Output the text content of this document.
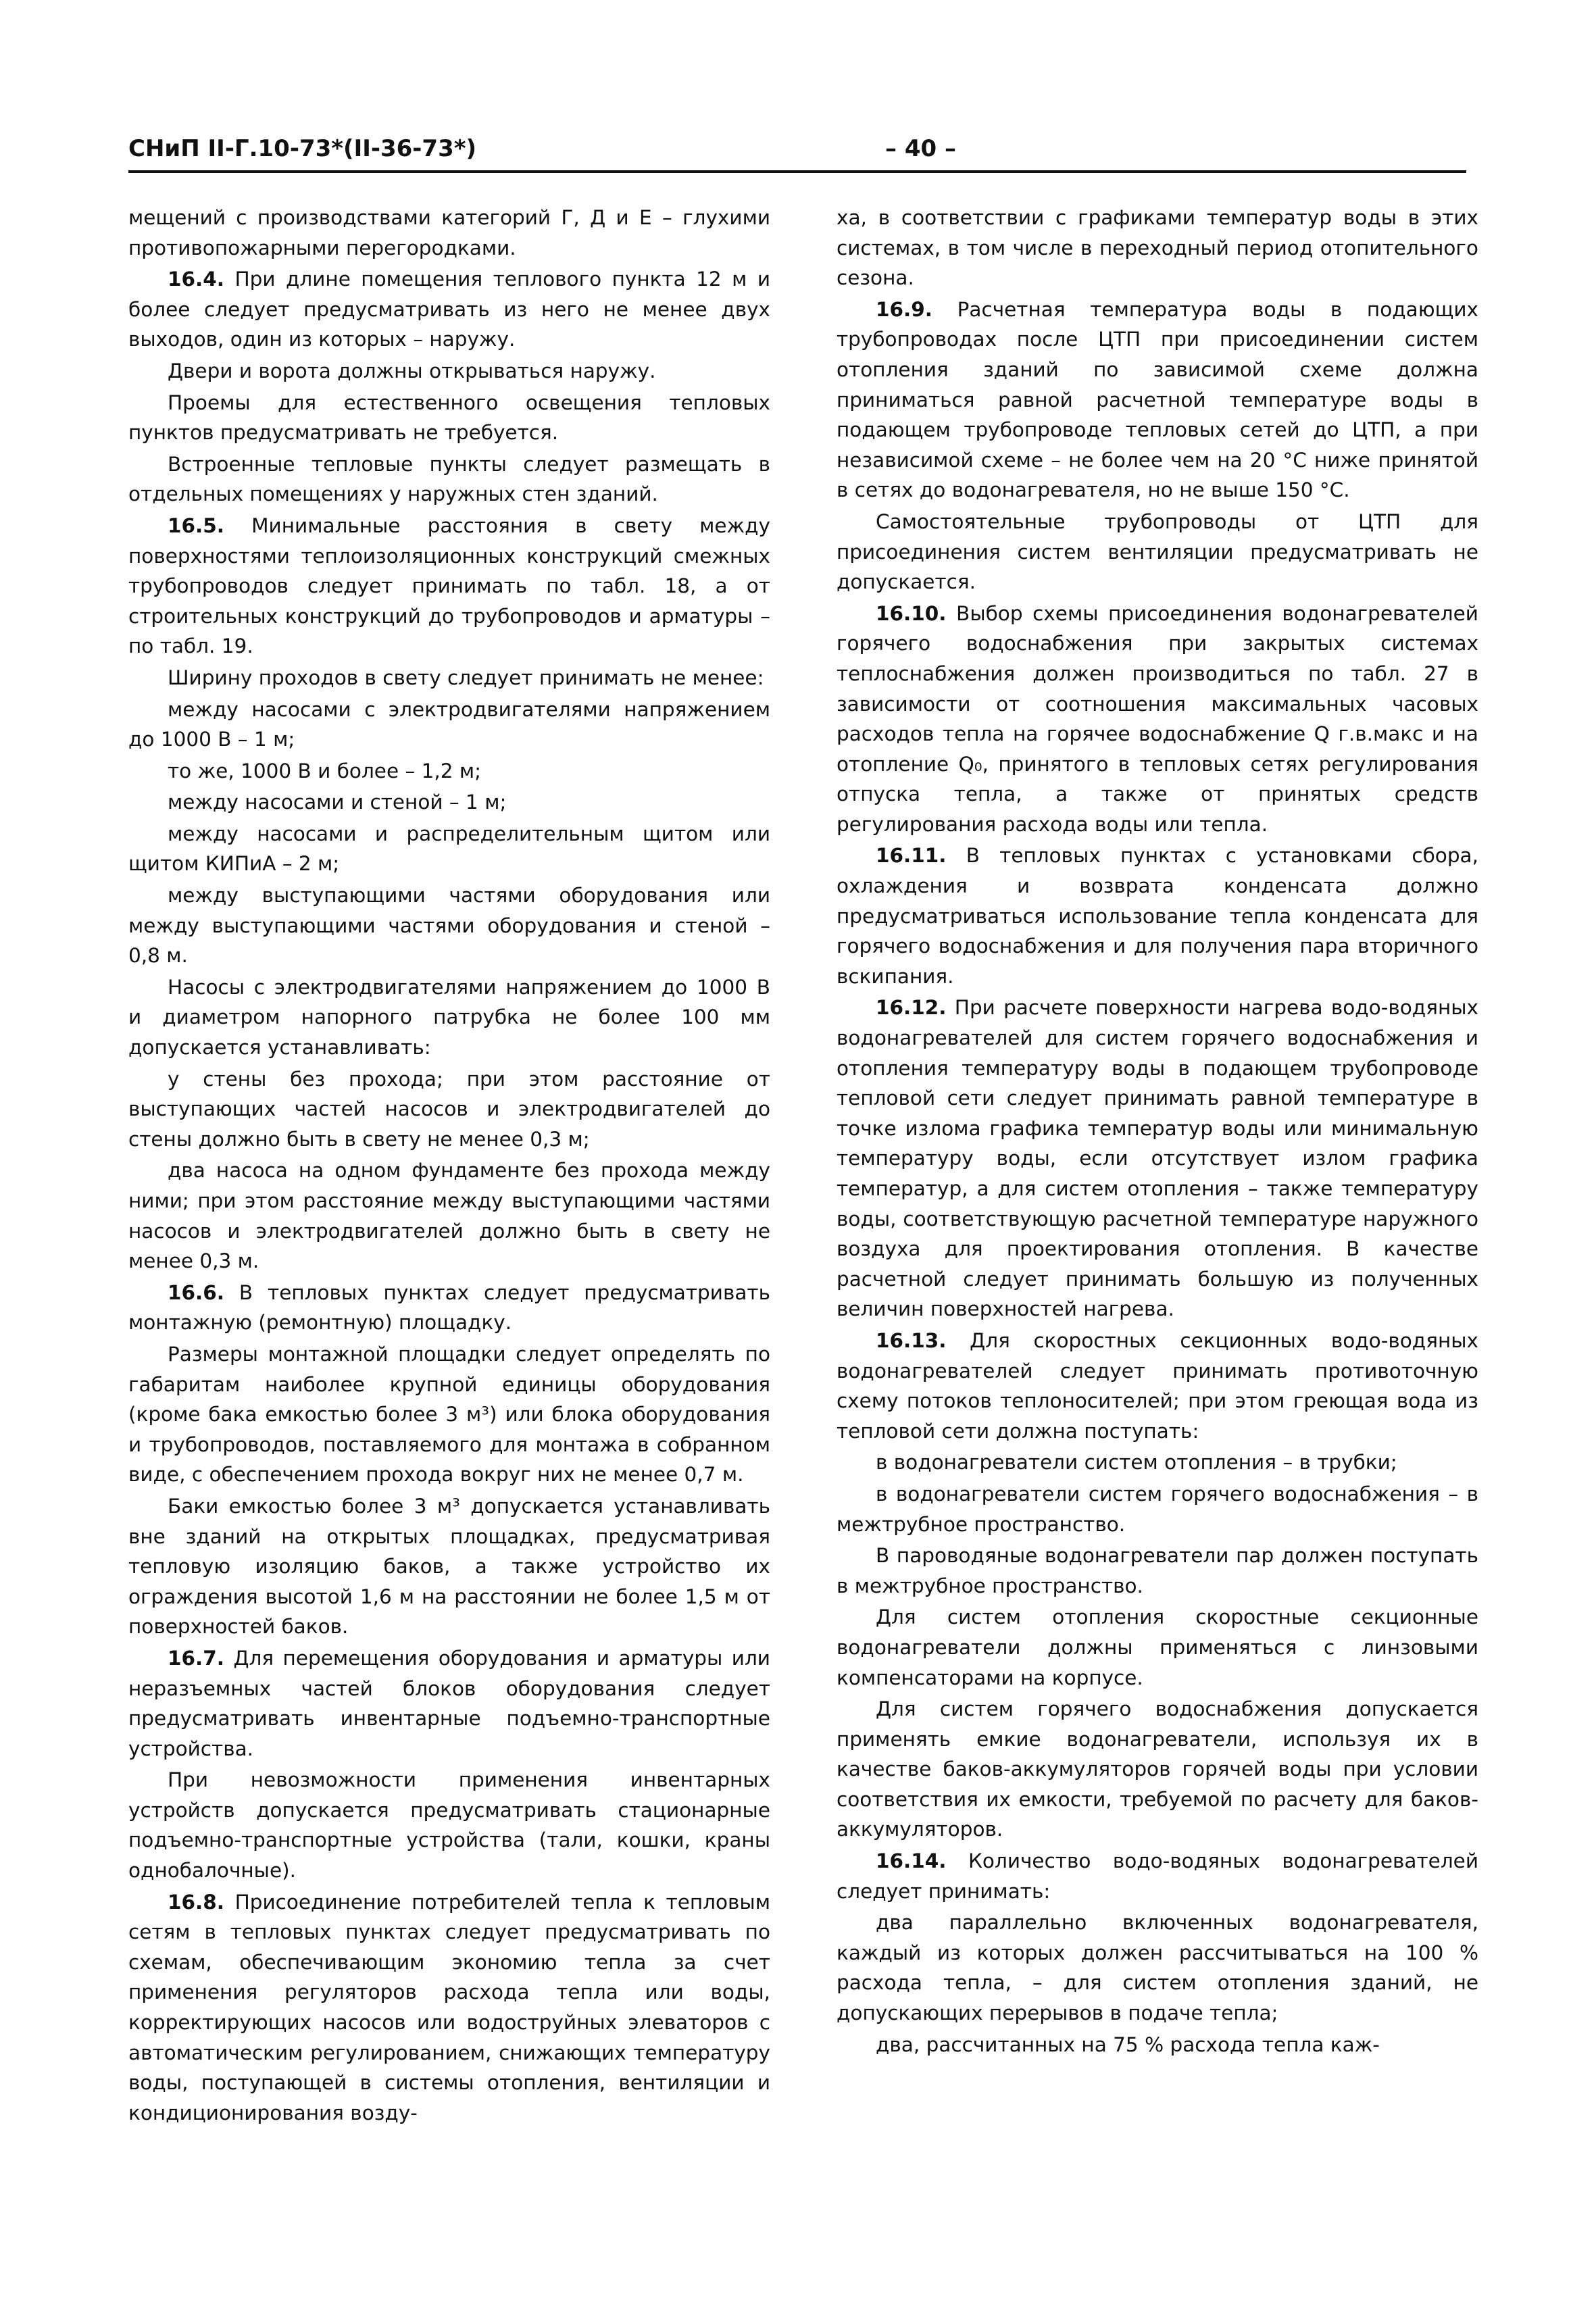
СНиП II-Г.10-73*(II-36-73*)	– 40 –

мещений с производствами категорий Г, Д и Е – глухими противопожарными перегородками.

16.4. При длине помещения теплового пункта 12 м и более следует предусматривать из него не менее двух выходов, один из которых – наружу.

Двери и ворота должны открываться наружу.

Проемы для естественного освещения тепловых пунктов предусматривать не требуется.

Встроенные тепловые пункты следует размещать в отдельных помещениях у наружных стен зданий.

16.5. Минимальные расстояния в свету между поверхностями теплоизоляционных конструкций смежных трубопроводов следует принимать по табл. 18, а от строительных конструкций до трубопроводов и арматуры – по табл. 19.

Ширину проходов в свету следует принимать не менее:

между насосами с электродвигателями напряжением до 1000 В – 1 м;

то же, 1000 В и более – 1,2 м;

между насосами и стеной – 1 м;

между насосами и распределительным щитом или щитом КИПиА – 2 м;

между выступающими частями оборудования или между выступающими частями оборудования и стеной – 0,8 м.

Насосы с электродвигателями напряжением до 1000 В и диаметром напорного патрубка не более 100 мм допускается устанавливать:

у стены без прохода; при этом расстояние от выступающих частей насосов и электродвигателей до стены должно быть в свету не менее 0,3 м;

два насоса на одном фундаменте без прохода между ними; при этом расстояние между выступающими частями насосов и электродвигателей должно быть в свету не менее 0,3 м.

16.6. В тепловых пунктах следует предусматривать монтажную (ремонтную) площадку.

Размеры монтажной площадки следует определять по габаритам наиболее крупной единицы оборудования (кроме бака емкостью более 3 м³) или блока оборудования и трубопроводов, поставляемого для монтажа в собранном виде, с обеспечением прохода вокруг них не менее 0,7 м.

Баки емкостью более 3 м³ допускается устанавливать вне зданий на открытых площадках, предусматривая тепловую изоляцию баков, а также устройство их ограждения высотой 1,6 м на расстоянии не более 1,5 м от поверхностей баков.

16.7. Для перемещения оборудования и арматуры или неразъемных частей блоков оборудования следует предусматривать инвентарные подъемно-транспортные устройства.

При невозможности применения инвентарных устройств допускается предусматривать стационарные подъемно-транспортные устройства (тали, кошки, краны однобалочные).

16.8. Присоединение потребителей тепла к тепловым сетям в тепловых пунктах следует предусматривать по схемам, обеспечивающим экономию тепла за счет применения регуляторов расхода тепла или воды, корректирующих насосов или водоструйных элеваторов с автоматическим регулированием, снижающих температуру воды, поступающей в системы отопления, вентиляции и кондиционирования возду-

ха, в соответствии с графиками температур воды в этих системах, в том числе в переходный период отопительного сезона.

16.9. Расчетная температура воды в подающих трубопроводах после ЦТП при присоединении систем отопления зданий по зависимой схеме должна приниматься равной расчетной температуре воды в подающем трубопроводе тепловых сетей до ЦТП, а при независимой схеме – не более чем на 20 °С ниже принятой в сетях до водонагревателя, но не выше 150 °С.

Самостоятельные трубопроводы от ЦТП для присоединения систем вентиляции предусматривать не допускается.

16.10. Выбор схемы присоединения водонагревателей горячего водоснабжения при закрытых системах теплоснабжения должен производиться по табл. 27 в зависимости от соотношения максимальных часовых расходов тепла на горячее водоснабжение Q г.в.макс и на отопление Q₀, принятого в тепловых сетях регулирования отпуска тепла, а также от принятых средств регулирования расхода воды или тепла.

16.11. В тепловых пунктах с установками сбора, охлаждения и возврата конденсата должно предусматриваться использование тепла конденсата для горячего водоснабжения и для получения пара вторичного вскипания.

16.12. При расчете поверхности нагрева водо-водяных водонагревателей для систем горячего водоснабжения и отопления температуру воды в подающем трубопроводе тепловой сети следует принимать равной температуре в точке излома графика температур воды или минимальную температуру воды, если отсутствует излом графика температур, а для систем отопления – также температуру воды, соответствующую расчетной температуре наружного воздуха для проектирования отопления. В качестве расчетной следует принимать большую из полученных величин поверхностей нагрева.

16.13. Для скоростных секционных водо-водяных водонагревателей следует принимать противоточную схему потоков теплоносителей; при этом греющая вода из тепловой сети должна поступать:

в водонагреватели систем отопления – в трубки;

в водонагреватели систем горячего водоснабжения – в межтрубное пространство.

В пароводяные водонагреватели пар должен поступать в межтрубное пространство.

Для систем отопления скоростные секционные водонагреватели должны применяться с линзовыми компенсаторами на корпусе.

Для систем горячего водоснабжения допускается применять емкие водонагреватели, используя их в качестве баков-аккумуляторов горячей воды при условии соответствия их емкости, требуемой по расчету для баков-аккумуляторов.

16.14. Количество водо-водяных водонагревателей следует принимать:

два параллельно включенных водонагревателя, каждый из которых должен рассчитываться на 100 % расхода тепла, – для систем отопления зданий, не допускающих перерывов в подаче тепла;

два, рассчитанных на 75 % расхода тепла каж-
